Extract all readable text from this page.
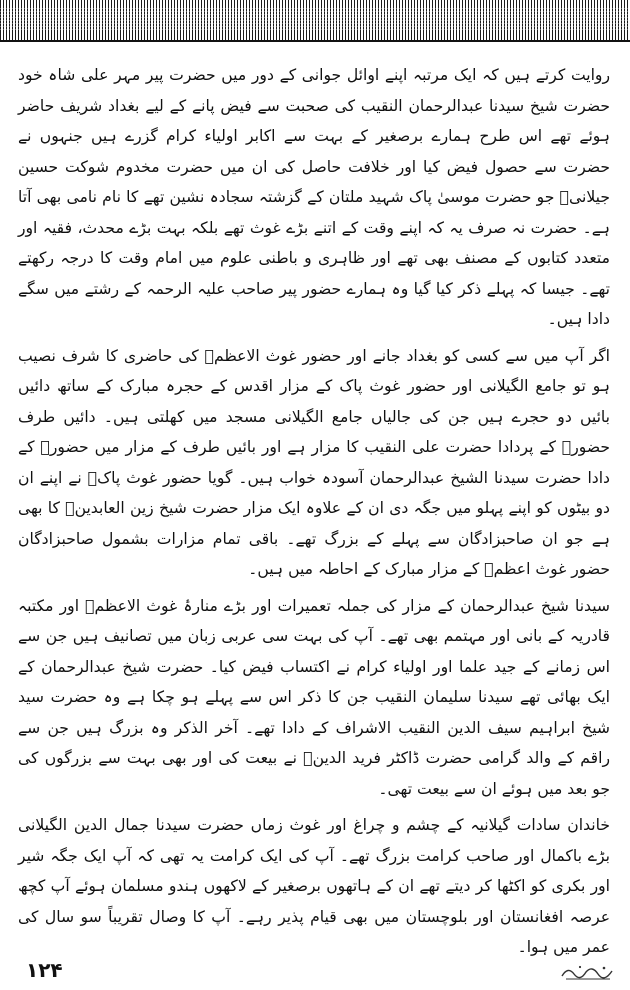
روایت کرتے ہیں کہ ایک مرتبہ اپنے اوائل جوانی کے دور میں حضرت پیر مہر علی شاہ خود حضرت شیخ سیدنا عبدالرحمان النقیب کی صحبت سے فیض پانے کے لیے بغداد شریف حاضر ہوئے تھے اس طرح ہمارے برصغیر کے بہت سے اکابر اولیاء کرام گزرے ہیں جنہوں نے حضرت سے حصول فیض کیا اور خلافت حاصل کی ان میں حضرت مخدوم شوکت حسین جیلانیؒ جو حضرت موسیٰ پاک شہید ملتان کے گزشتہ سجادہ نشین تھے کا نام نامی بھی آتا ہے۔ حضرت نہ صرف یہ کہ اپنے وقت کے اتنے بڑے غوث تھے بلکہ بہت بڑے محدث، فقیہ اور متعدد کتابوں کے مصنف بھی تھے اور ظاہری و باطنی علوم میں امام وقت کا درجہ رکھتے تھے۔ جیسا کہ پہلے ذکر کیا گیا وہ ہمارے حضور پیر صاحب علیہ الرحمہ کے رشتے میں سگے دادا ہیں۔

اگر آپ میں سے کسی کو بغداد جانے اور حضور غوث الاعظمؓ کی حاضری کا شرف نصیب ہو تو جامع الگیلانی اور حضور غوث پاک کے مزار اقدس کے حجرہ مبارک کے ساتھ دائیں بائیں دو حجرے ہیں جن کی جالیاں جامع الگیلانی مسجد میں کھلتی ہیں۔ دائیں طرف حضورؒ کے پردادا حضرت علی النقیب کا مزار ہے اور بائیں طرف کے مزار میں حضورؒ کے دادا حضرت سیدنا الشیخ عبدالرحمان آسودہ خواب ہیں۔ گویا حضور غوث پاکؓ نے اپنے ان دو بیٹوں کو اپنے پہلو میں جگہ دی ان کے علاوہ ایک مزار حضرت شیخ زین العابدینؒ کا بھی ہے جو ان صاحبزادگان سے پہلے کے بزرگ تھے۔ باقی تمام مزارات بشمول صاحبزادگان حضور غوث اعظمؓ کے مزار مبارک کے احاطہ میں ہیں۔

سیدنا شیخ عبدالرحمان کے مزار کی جملہ تعمیرات اور بڑے منارۂ غوث الاعظمؓ اور مکتبہ قادریہ کے بانی اور مہتمم بھی تھے۔ آپ کی بہت سی عربی زبان میں تصانیف ہیں جن سے اس زمانے کے جید علما اور اولیاء کرام نے اکتساب فیض کیا۔ حضرت شیخ عبدالرحمان کے ایک بھائی تھے سیدنا سلیمان النقیب جن کا ذکر اس سے پہلے ہو چکا ہے وہ حضرت سید شیخ ابراہیم سیف الدین النقیب الاشراف کے دادا تھے۔ آخر الذکر وہ بزرگ ہیں جن سے راقم کے والد گرامی حضرت ڈاکٹر فرید الدینؒ نے بیعت کی اور بھی بہت سے بزرگوں کی جو بعد میں ہوئے ان سے بیعت تھی۔

خاندان سادات گیلانیہ کے چشم و چراغ اور غوث زماں حضرت سیدنا جمال الدین الگیلانی بڑے باکمال اور صاحب کرامت بزرگ تھے۔ آپ کی ایک کرامت یہ تھی کہ آپ ایک جگہ شیر اور بکری کو اکٹھا کر دیتے تھے ان کے ہاتھوں برصغیر کے لاکھوں ہندو مسلمان ہوئے آپ کچھ عرصہ افغانستان اور بلوچستان میں بھی قیام پذیر رہے۔ آپ کا وصال تقریباً سو سال کی عمر میں ہوا۔

۱۲۴
